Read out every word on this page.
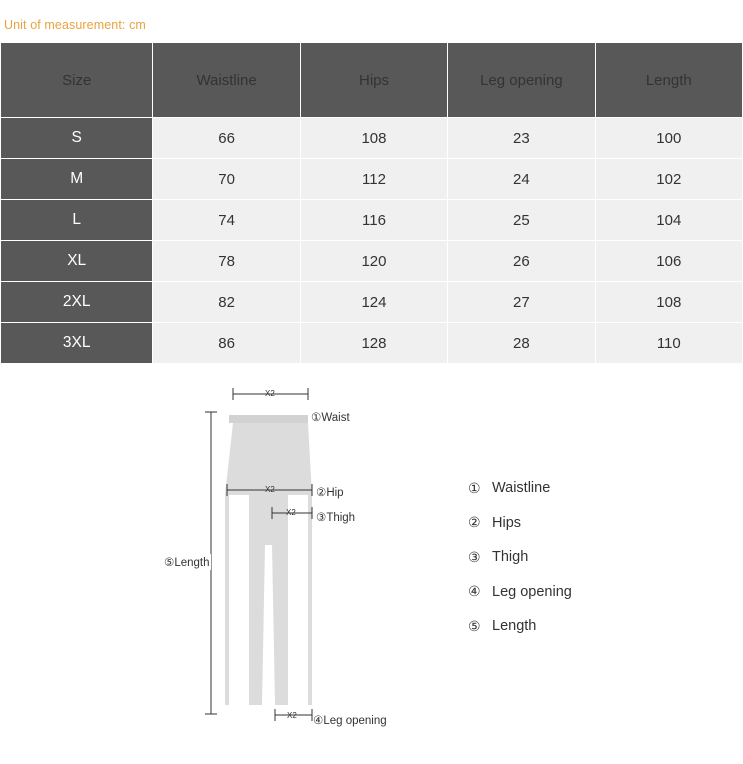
Unit of measurement: cm
Size	Waistline	Hips	Leg opening	Length
S	66	108	23	100
M	70	112	24	102
L	74	116	25	104
XL	78	120	26	106
2XL	82	124	27	108
3XL	86	128	28	110
X2
①Waist
X2	②Hip
X2 ③Thigh
X2 ④Leg opening
⑤Length
① Waistline
② Hips
③ Thigh
④ Leg opening
⑤ Length
